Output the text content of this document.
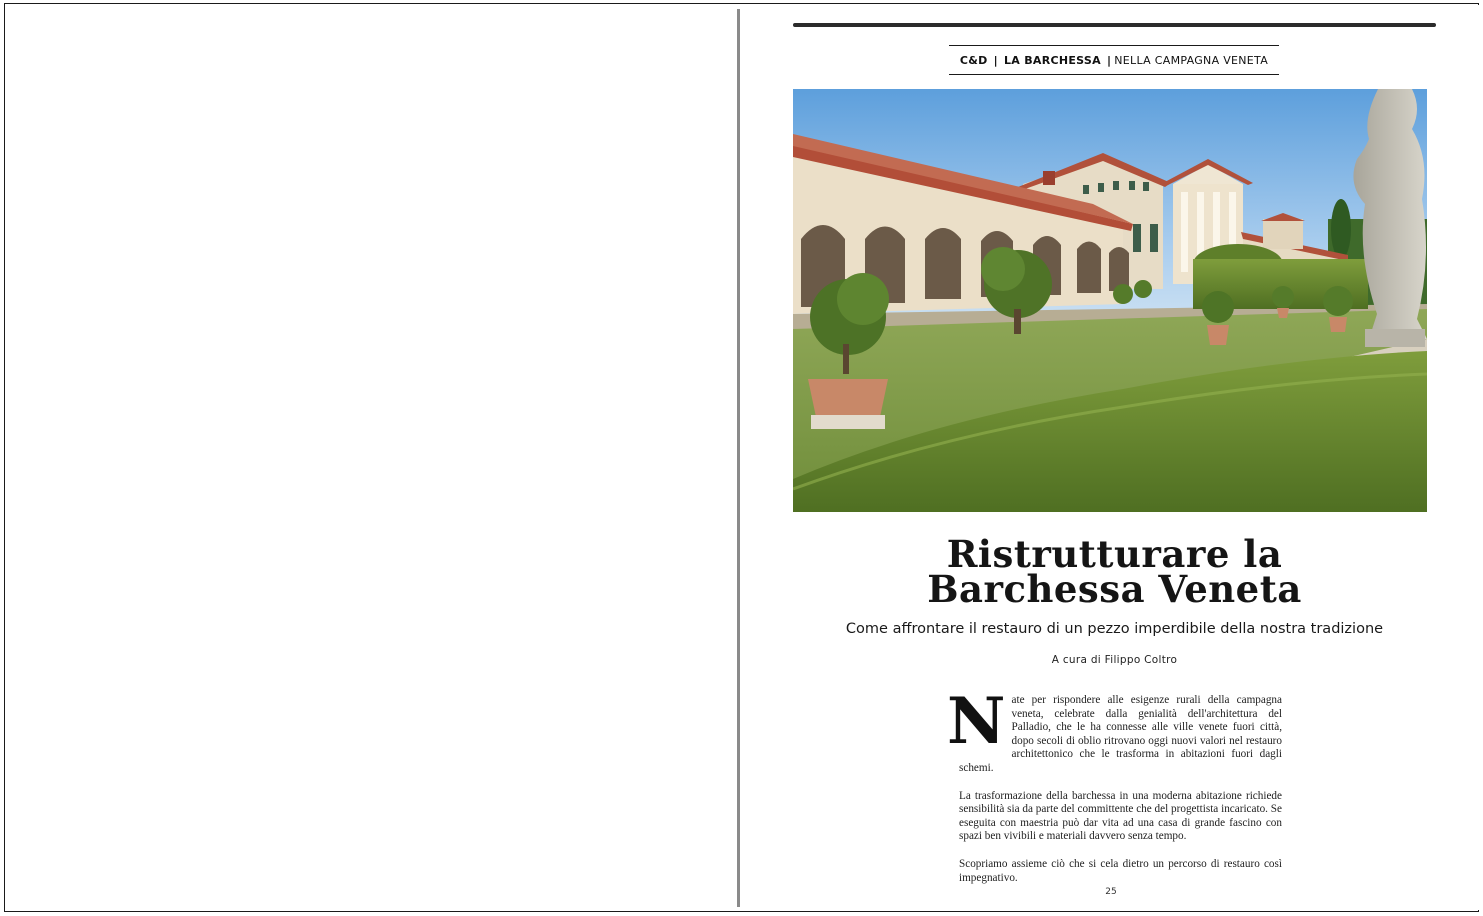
C&D | LA BARCHESSA | NELLA CAMPAGNA VENETA
Ristrutturare la
Barchessa Veneta
Come affrontare il restauro di un pezzo imperdibile della nostra tradizione
A cura di Filippo Coltro

Nate per rispondere alle esigenze rurali della campagna veneta, celebrate dalla genialità dell'architettura del Palladio, che le ha connesse alle ville venete fuori città, dopo secoli di oblio ritrovano oggi nuovi valori nel restauro architettonico che le trasforma in abitazioni fuori dagli schemi.

La trasformazione della barchessa in una moderna abitazione richiede sensibilità sia da parte del committente che del progettista incaricato. Se eseguita con maestria può dar vita ad una casa di grande fascino con spazi ben vivibili e materiali davvero senza tempo.

Scopriamo assieme ciò che si cela dietro un percorso di restauro così impegnativo.

25
